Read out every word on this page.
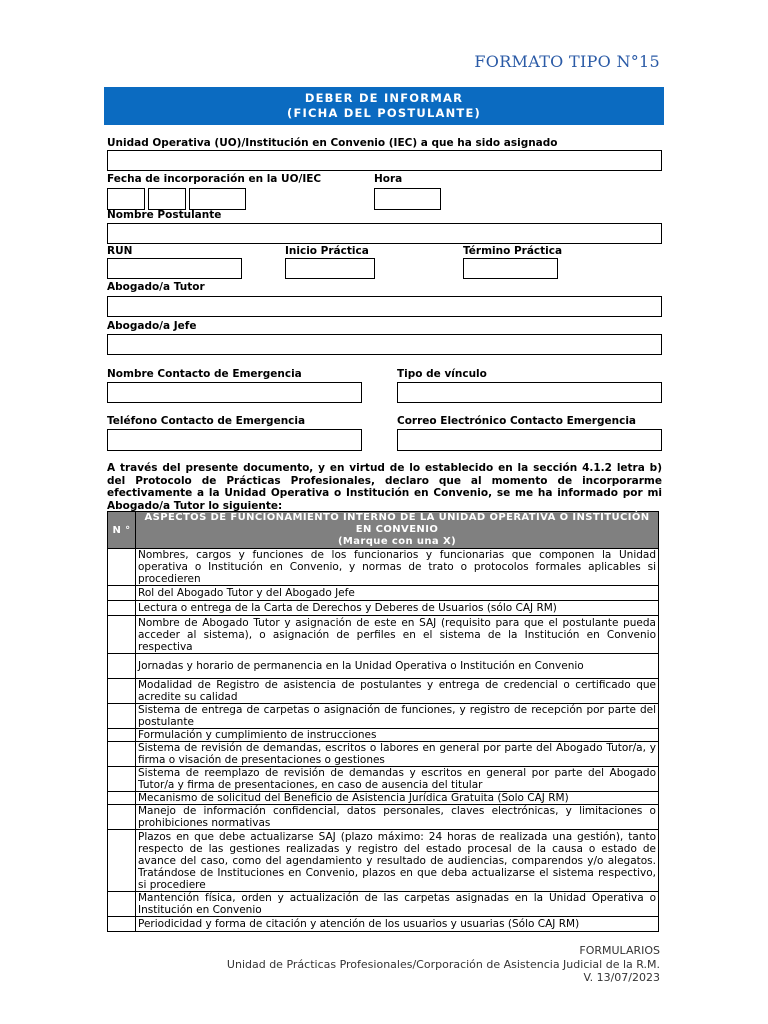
FORMATO TIPO N°15
DEBER DE INFORMAR
(FICHA DEL POSTULANTE)
Unidad Operativa (UO)/Institución en Convenio (IEC) a que ha sido asignado
Fecha de incorporación en la UO/IEC	Hora
Nombre Postulante
RUN	Inicio Práctica	Término Práctica
Abogado/a Tutor
Abogado/a Jefe
Nombre Contacto de Emergencia	Tipo de vínculo
Teléfono Contacto de Emergencia	Correo Electrónico Contacto Emergencia
A través del presente documento, y en virtud de lo establecido en la sección 4.1.2 letra b) del Protocolo de Prácticas Profesionales, declaro que al momento de incorporarme efectivamente a la Unidad Operativa o Institución en Convenio, se me ha informado por mi Abogado/a Tutor lo siguiente:
N °	ASPECTOS DE FUNCIONAMIENTO INTERNO DE LA UNIDAD OPERATIVA O INSTITUCIÓN EN CONVENIO
(Marque con una X)

	Nombres, cargos y funciones de los funcionarios y funcionarias que componen la Unidad operativa o Institución en Convenio, y normas de trato o protocolos formales aplicables si procedieren
	Rol del Abogado Tutor y del Abogado Jefe
	Lectura o entrega de la Carta de Derechos y Deberes de Usuarios (sólo CAJ RM)
	Nombre de Abogado Tutor y asignación de este en SAJ (requisito para que el postulante pueda acceder al sistema), o asignación de perfiles en el sistema de la Institución en Convenio respectiva
	Jornadas y horario de permanencia en la Unidad Operativa o Institución en Convenio
	Modalidad de Registro de asistencia de postulantes y entrega de credencial o certificado que acredite su calidad
	Sistema de entrega de carpetas o asignación de funciones, y registro de recepción por parte del postulante
	Formulación y cumplimiento de instrucciones
	Sistema de revisión de demandas, escritos o labores en general por parte del Abogado Tutor/a, y firma o visación de presentaciones o gestiones
	Sistema de reemplazo de revisión de demandas y escritos en general por parte del Abogado Tutor/a y firma de presentaciones, en caso de ausencia del titular
	Mecanismo de solicitud del Beneficio de Asistencia Jurídica Gratuita (Solo CAJ RM)
	Manejo de información confidencial, datos personales, claves electrónicas, y limitaciones o prohibiciones normativas
	Plazos en que debe actualizarse SAJ (plazo máximo: 24 horas de realizada una gestión), tanto respecto de las gestiones realizadas y registro del estado procesal de la causa o estado de avance del caso, como del agendamiento y resultado de audiencias, comparendos y/o alegatos. Tratándose de Instituciones en Convenio, plazos en que deba actualizarse el sistema respectivo, si procediere
	Mantención física, orden y actualización de las carpetas asignadas en la Unidad Operativa o Institución en Convenio
	Periodicidad y forma de citación y atención de los usuarios y usuarias (Sólo CAJ RM)
FORMULARIOS
Unidad de Prácticas Profesionales/Corporación de Asistencia Judicial de la R.M.
V. 13/07/2023
